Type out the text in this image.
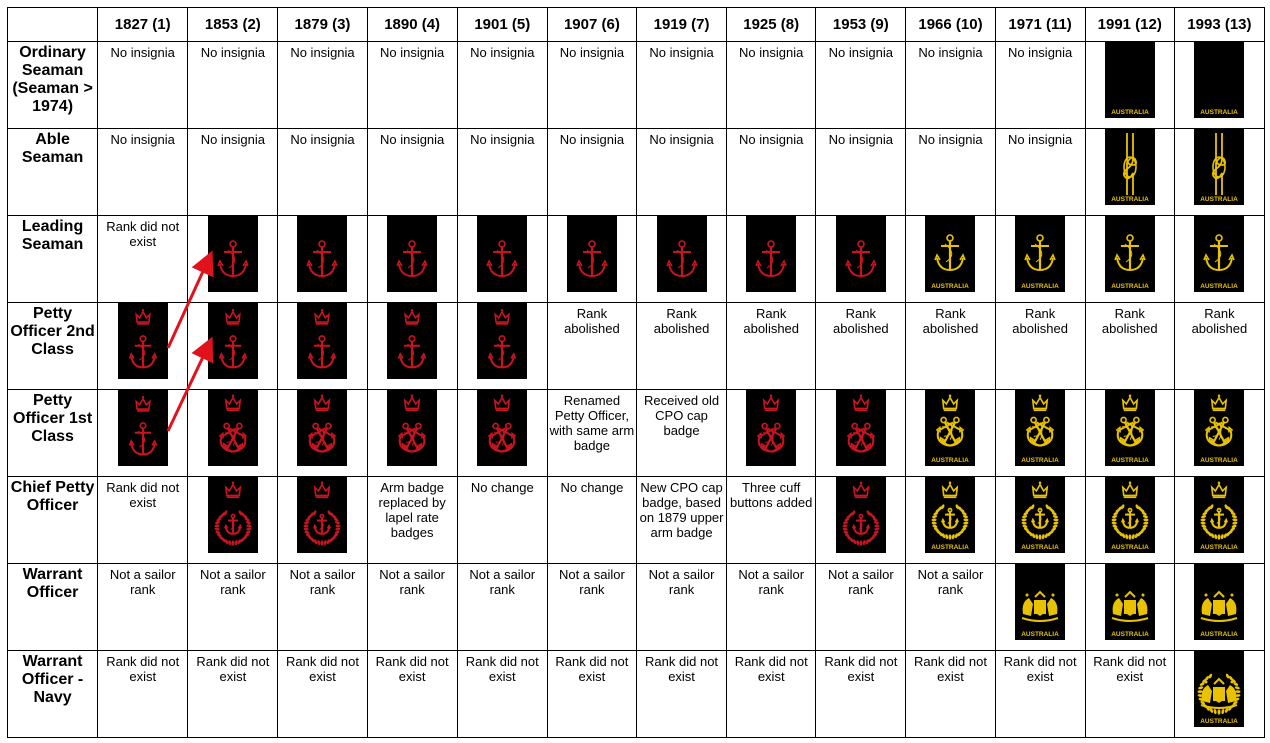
	1827 (1)	1853 (2)	1879 (3)	1890 (4)	1901 (5)	1907 (6)	1919 (7)	1925 (8)	1953 (9)	1966 (10)	1971 (11)	1991 (12)	1993 (13)
Ordinary Seaman (Seaman > 1974)	No insignia	No insignia	No insignia	No insignia	No insignia	No insignia	No insignia	No insignia	No insignia	No insignia	No insignia	AUSTRALIA	AUSTRALIA

Able Seaman	No insignia	No insignia	No insignia	No insignia	No insignia	No insignia	No insignia	No insignia	No insignia	No insignia	No insignia	AUSTRALIA	AUSTRALIA

Leading Seaman	Rank did not exist									AUSTRALIA	AUSTRALIA	AUSTRALIA	AUSTRALIA

Petty Officer 2nd Class						Rank abolished	Rank abolished	Rank abolished	Rank abolished	Rank abolished	Rank abolished	Rank abolished	Rank abolished
Petty Officer 1st Class						Renamed Petty Officer, with same arm badge	Received old CPO cap badge			AUSTRALIA	AUSTRALIA	AUSTRALIA	AUSTRALIA

Chief Petty Officer	Rank did not exist			Arm badge replaced by lapel rate badges	No change	No change	New CPO cap badge, based on 1879 upper arm badge	Three cuff buttons added		AUSTRALIA	AUSTRALIA	AUSTRALIA	AUSTRALIA

Warrant Officer	Not a sailor rank	Not a sailor rank	Not a sailor rank	Not a sailor rank	Not a sailor rank	Not a sailor rank	Not a sailor rank	Not a sailor rank	Not a sailor rank	Not a sailor rank	AUSTRALIA	AUSTRALIA	AUSTRALIA

Warrant Officer - Navy	Rank did not exist	Rank did not exist	Rank did not exist	Rank did not exist	Rank did not exist	Rank did not exist	Rank did not exist	Rank did not exist	Rank did not exist	Rank did not exist	Rank did not exist	Rank did not exist	AUSTRALIA
